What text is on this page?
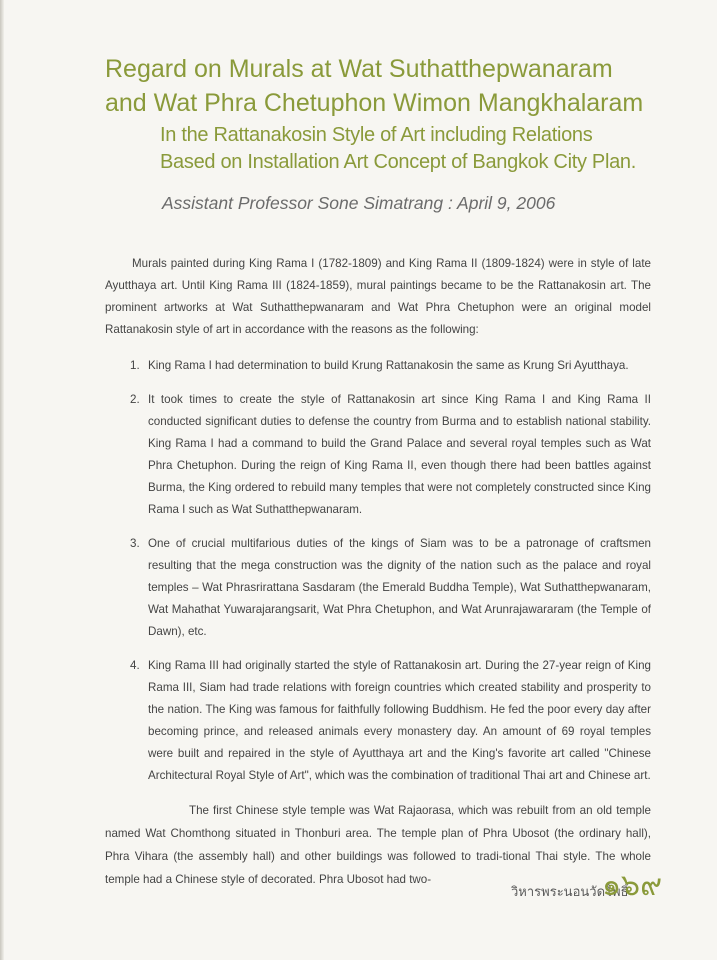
Regard on Murals at Wat Suthatthepwanaram
and Wat Phra Chetuphon Wimon Mangkhalaram
In the Rattanakosin Style of Art including Relations
Based on Installation Art Concept of Bangkok City Plan.
Assistant Professor Sone Simatrang : April 9, 2006

Murals painted during King Rama I (1782-1809) and King Rama II (1809-1824) were in style of late Ayutthaya art. Until King Rama III (1824-1859), mural paintings became to be the Rattanakosin art. The prominent artworks at Wat Suthatthepwanaram and Wat Phra Chetuphon were an original model Rattanakosin style of art in accordance with the reasons as the following:

1. King Rama I had determination to build Krung Rattanakosin the same as Krung Sri Ayutthaya.
2. It took times to create the style of Rattanakosin art since King Rama I and King Rama II conducted significant duties to defense the country from Burma and to establish national stability. King Rama I had a command to build the Grand Palace and several royal temples such as Wat Phra Chetuphon. During the reign of King Rama II, even though there had been battles against Burma, the King ordered to rebuild many temples that were not completely constructed since King Rama I such as Wat Suthatthepwanaram.
3. One of crucial multifarious duties of the kings of Siam was to be a patronage of craftsmen resulting that the mega construction was the dignity of the nation such as the palace and royal temples – Wat Phrasrirattana Sasdaram (the Emerald Buddha Temple), Wat Suthatthepwanaram, Wat Mahathat Yuwarajarangsarit, Wat Phra Chetuphon, and Wat Arunrajawararam (the Temple of Dawn), etc.
4. King Rama III had originally started the style of Rattanakosin art. During the 27-year reign of King Rama III, Siam had trade relations with foreign countries which created stability and prosperity to the nation. The King was famous for faithfully following Buddhism. He fed the poor every day after becoming prince, and released animals every monastery day. An amount of 69 royal temples were built and repaired in the style of Ayutthaya art and the King's favorite art called "Chinese Architectural Royal Style of Art", which was the combination of traditional Thai art and Chinese art.

The first Chinese style temple was Wat Rajaorasa, which was rebuilt from an old temple named Wat Chomthong situated in Thonburi area. The temple plan of Phra Ubosot (the ordinary hall), Phra Vihara (the assembly hall) and other buildings was followed to tradi-tional Thai style. The whole temple had a Chinese style of decorated. Phra Ubosot had two-

วิหารพระนอนวัดโพธิ์
๑๖๙
